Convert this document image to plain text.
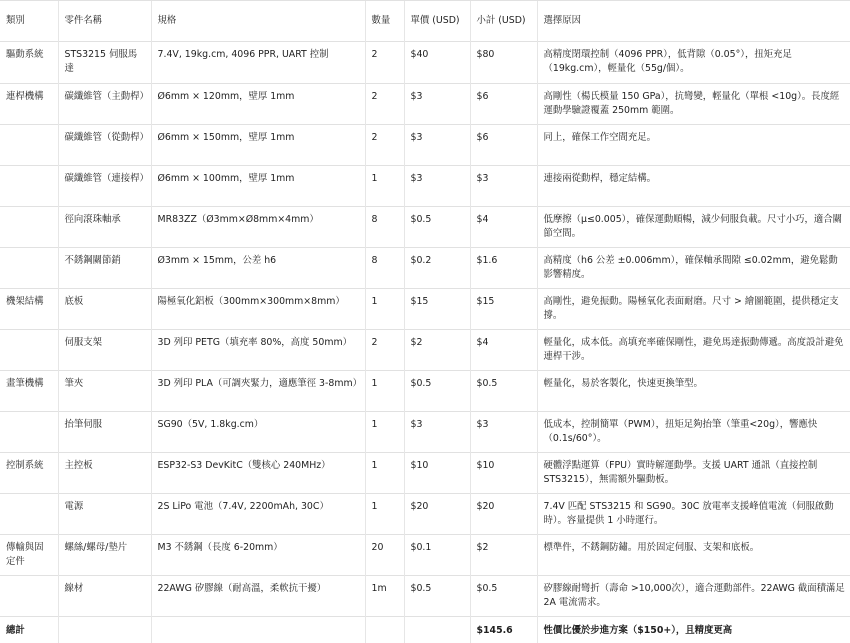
類別	零件名稱	規格	數量	單價 (USD)	小計 (USD)	選擇原因
驅動系統	STS3215 伺服馬達	7.4V, 19kg.cm, 4096 PPR, UART 控制	2	$40	$80	高精度閉環控制（4096 PPR），低背隙（0.05°），扭矩充足（19kg.cm），輕量化（55g/個）。
連桿機構	碳纖維管（主動桿）	Ø6mm × 120mm，壁厚 1mm	2	$3	$6	高剛性（楊氏模量 150 GPa），抗彎變，輕量化（單根 <10g）。長度經運動學驗證覆蓋 250mm 範圍。
	碳纖維管（從動桿）	Ø6mm × 150mm，壁厚 1mm	2	$3	$6	同上，確保工作空間充足。
	碳纖維管（連接桿）	Ø6mm × 100mm，壁厚 1mm	1	$3	$3	連接兩從動桿，穩定結構。
	徑向滾珠軸承	MR83ZZ（Ø3mm×Ø8mm×4mm）	8	$0.5	$4	低摩擦（μ≤0.005），確保運動順暢，減少伺服負載。尺寸小巧，適合關節空間。
	不銹鋼關節銷	Ø3mm × 15mm，公差 h6	8	$0.2	$1.6	高精度（h6 公差 ±0.006mm），確保軸承間隙 ≤0.02mm，避免鬆動影響精度。
機架結構	底板	陽極氧化鋁板（300mm×300mm×8mm）	1	$15	$15	高剛性，避免振動。陽極氧化表面耐磨。尺寸 > 繪圖範圍，提供穩定支撐。
	伺服支架	3D 列印 PETG（填充率 80%，高度 50mm）	2	$2	$4	輕量化，成本低。高填充率確保剛性，避免馬達振動傳遞。高度設計避免連桿干涉。
畫筆機構	筆夾	3D 列印 PLA（可調夾緊力，適應筆徑 3-8mm）	1	$0.5	$0.5	輕量化，易於客製化，快速更換筆型。
	抬筆伺服	SG90（5V, 1.8kg.cm）	1	$3	$3	低成本，控制簡單（PWM），扭矩足夠抬筆（筆重<20g），響應快（0.1s/60°）。
控制系統	主控板	ESP32-S3 DevKitC（雙核心 240MHz）	1	$10	$10	硬體浮點運算（FPU）實時解運動學。支援 UART 通訊（直接控制 STS3215），無需額外驅動板。
	電源	2S LiPo 電池（7.4V, 2200mAh, 30C）	1	$20	$20	7.4V 匹配 STS3215 和 SG90。30C 放電率支援峰值電流（伺服啟動時）。容量提供 1 小時運行。
傳輸與固定件	螺絲/螺母/墊片	M3 不銹鋼（長度 6-20mm）	20	$0.1	$2	標準件，不銹鋼防鏽。用於固定伺服、支架和底板。
	線材	22AWG 矽膠線（耐高溫，柔軟抗干擾）	1m	$0.5	$0.5	矽膠線耐彎折（壽命 >10,000次），適合運動部件。22AWG 截面積滿足 2A 電流需求。
總計					$145.6	性價比優於步進方案（$150+），且精度更高
